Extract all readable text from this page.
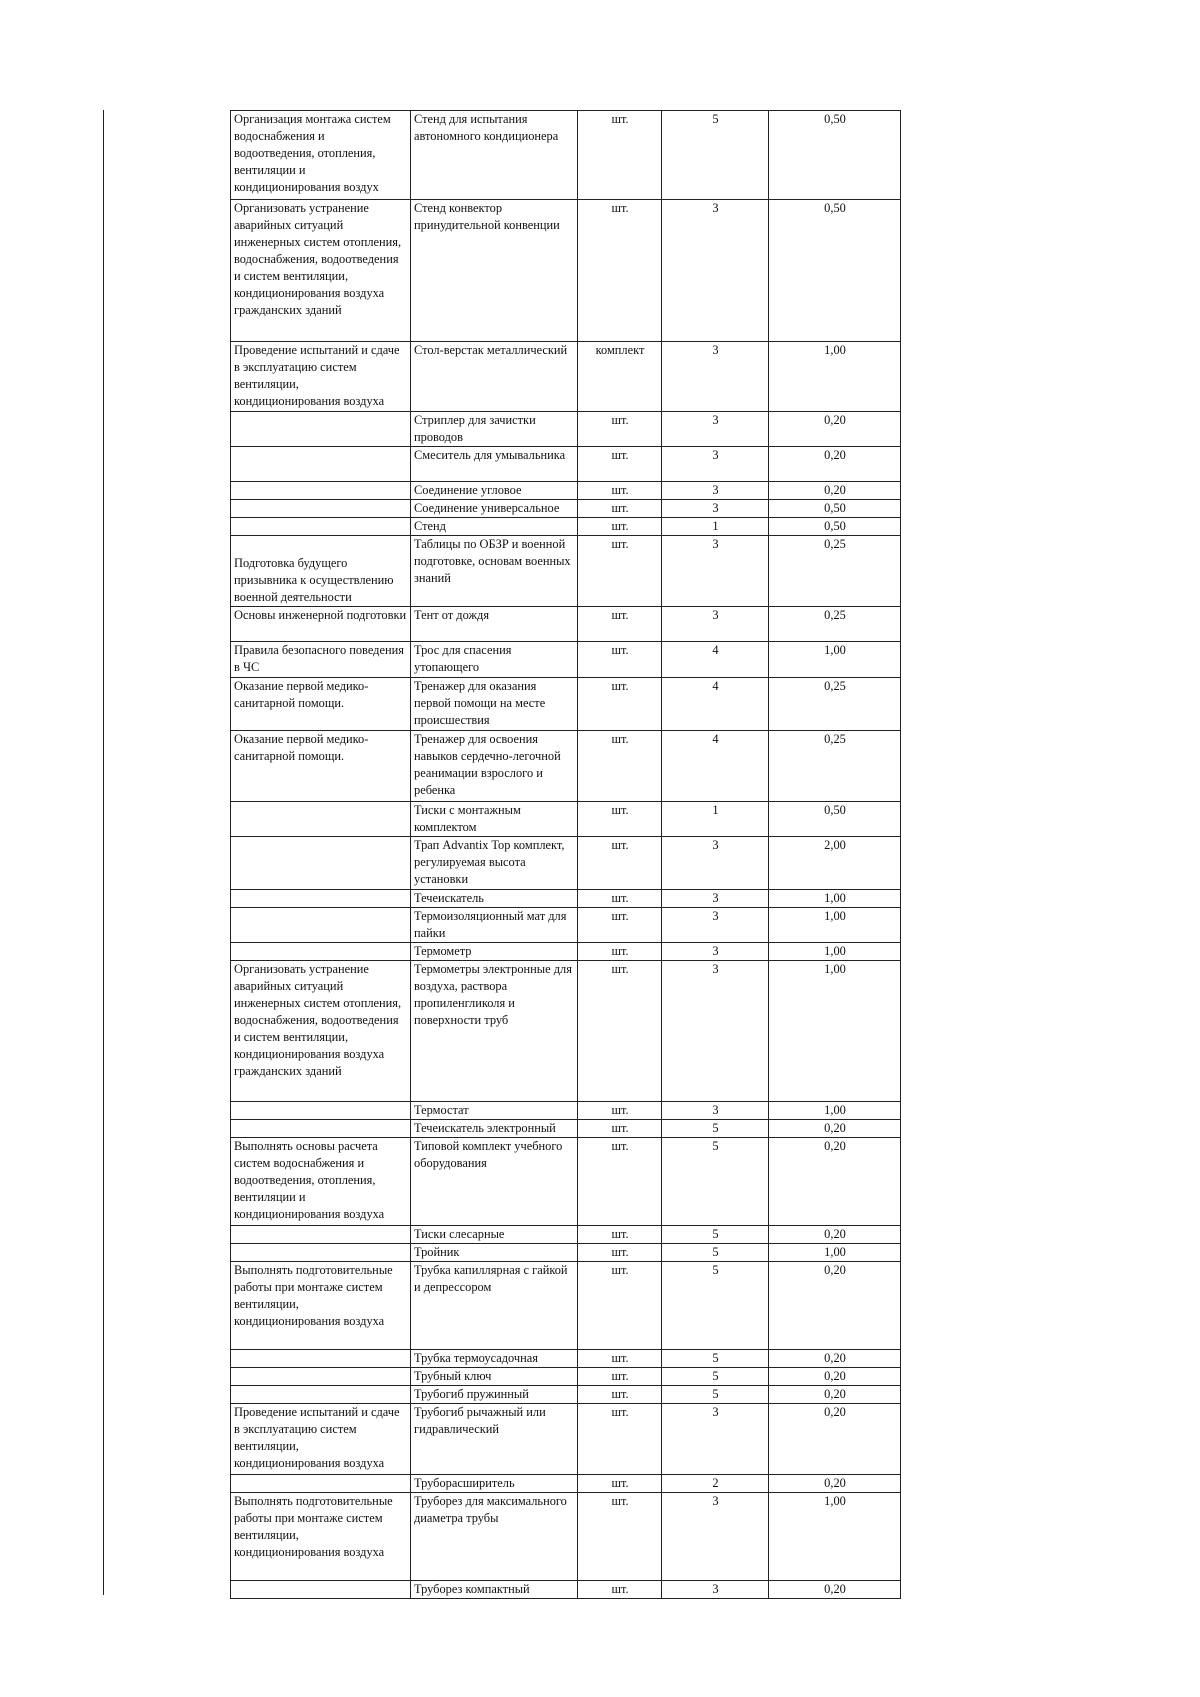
Организация монтажа систем водоснабжения и водоотведения, отопления, вентиляции и кондиционирования воздух	Стенд для испытания автономного кондиционера	шт.	5	0,50
Организовать устранение аварийных ситуаций инженерных систем отопления, водоснабжения, водоотведения и систем вентиляции, кондиционирования воздуха гражданских зданий	Стенд конвектор принудительной конвенции	шт.	3	0,50
Проведение испытаний и сдаче в эксплуатацию систем вентиляции, кондиционирования воздуха	Стол-верстак металлический	комплект	3	1,00
	Стриплер для зачистки проводов	шт.	3	0,20
	Смеситель для умывальника	шт.	3	0,20
	Соединение угловое	шт.	3	0,20
	Соединение универсальное	шт.	3	0,50
	Стенд	шт.	1	0,50
Подготовка будущего призывника к осуществлению военной деятельности	Таблицы по ОБЗР и военной подготовке, основам военных знаний	шт.	3	0,25
Основы инженерной подготовки	Тент от дождя	шт.	3	0,25
Правила безопасного поведения в ЧС	Трос для спасения утопающего	шт.	4	1,00
Оказание первой медико-санитарной помощи.	Тренажер для оказания первой помощи на месте происшествия	шт.	4	0,25
Оказание первой медико-санитарной помощи.	Тренажер для освоения навыков сердечно-легочной реанимации взрослого и ребенка	шт.	4	0,25
	Тиски с монтажным комплектом	шт.	1	0,50
	Трап Advantix Top комплект, регулируемая высота установки	шт.	3	2,00
	Течеискатель	шт.	3	1,00
	Термоизоляционный мат для пайки	шт.	3	1,00
	Термометр	шт.	3	1,00
Организовать устранение аварийных ситуаций инженерных систем отопления, водоснабжения, водоотведения и систем вентиляции, кондиционирования воздуха гражданских зданий	Термометры электронные для воздуха, раствора пропиленгликоля и поверхности труб	шт.	3	1,00
	Термостат	шт.	3	1,00
	Течеискатель электронный	шт.	5	0,20
Выполнять основы расчета систем водоснабжения и водоотведения, отопления, вентиляции и кондиционирования воздуха	Типовой комплект учебного оборудования	шт.	5	0,20
	Тиски слесарные	шт.	5	0,20
	Тройник	шт.	5	1,00
Выполнять подготовительные работы при монтаже систем вентиляции, кондиционирования воздуха	Трубка капиллярная с гайкой и депрессором	шт.	5	0,20
	Трубка термоусадочная	шт.	5	0,20
	Трубный ключ	шт.	5	0,20
	Трубогиб пружинный	шт.	5	0,20
Проведение испытаний и сдаче в эксплуатацию систем вентиляции, кондиционирования воздуха	Трубогиб рычажный или гидравлический	шт.	3	0,20
	Труборасширитель	шт.	2	0,20
Выполнять подготовительные работы при монтаже систем вентиляции, кондиционирования воздуха	Труборез для максимального диаметра трубы	шт.	3	1,00
	Труборез компактный	шт.	3	0,20
